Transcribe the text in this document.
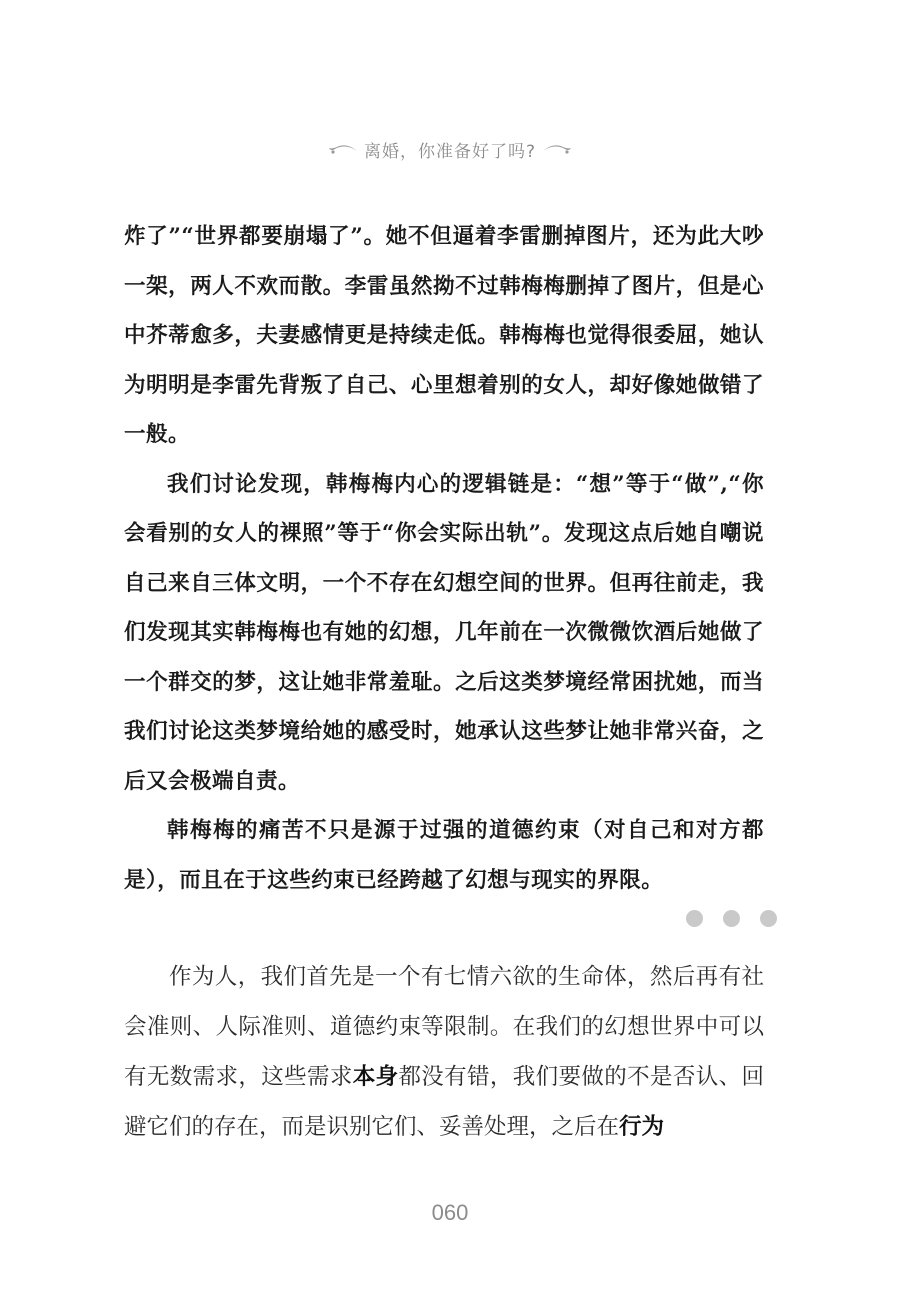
离婚，你准备好了吗?

炸了”“世界都要崩塌了”。她不但逼着李雷删掉图片，还为此大吵一架，两人不欢而散。李雷虽然拗不过韩梅梅删掉了图片，但是心中芥蒂愈多，夫妻感情更是持续走低。韩梅梅也觉得很委屈，她认为明明是李雷先背叛了自己、心里想着别的女人，却好像她做错了一般。

我们讨论发现，韩梅梅内心的逻辑链是：“想”等于“做”,“你会看别的女人的裸照”等于“你会实际出轨”。发现这点后她自嘲说自己来自三体文明，一个不存在幻想空间的世界。但再往前走，我们发现其实韩梅梅也有她的幻想，几年前在一次微微饮酒后她做了一个群交的梦，这让她非常羞耻。之后这类梦境经常困扰她，而当我们讨论这类梦境给她的感受时，她承认这些梦让她非常兴奋，之后又会极端自责。

韩梅梅的痛苦不只是源于过强的道德约束（对自己和对方都是），而且在于这些约束已经跨越了幻想与现实的界限。

作为人，我们首先是一个有七情六欲的生命体，然后再有社会准则、人际准则、道德约束等限制。在我们的幻想世界中可以有无数需求，这些需求本身都没有错，我们要做的不是否认、回避它们的存在，而是识别它们、妥善处理，之后在行为

060
